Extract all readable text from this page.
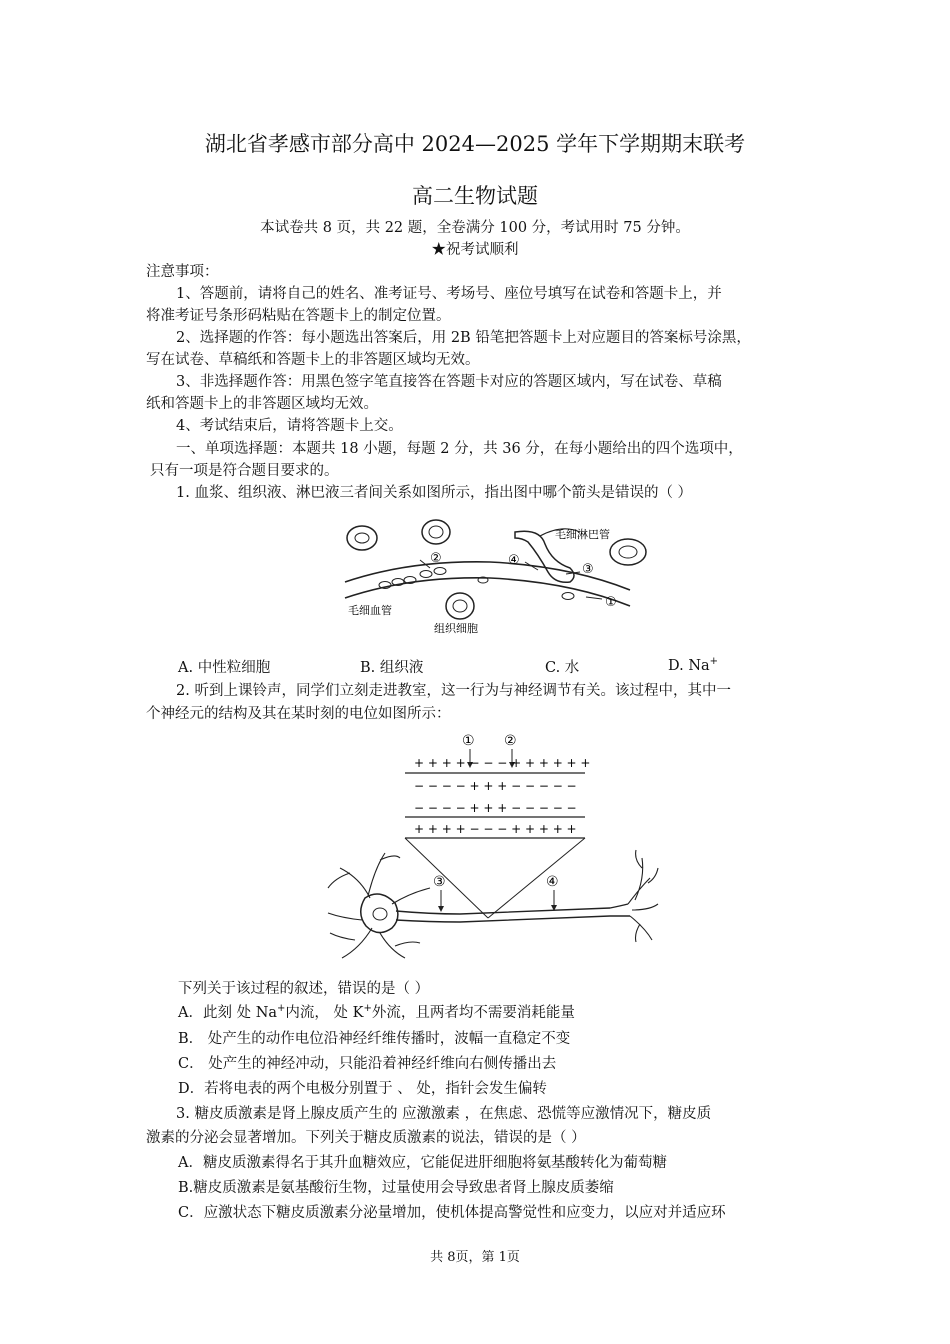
湖北省孝感市部分高中 2024—2025 学年下学期期末联考
高二生物试题
本试卷共 8 页，共 22 题，全卷满分 100 分，考试用时 75 分钟。
★祝考试顺利
注意事项：
1、答题前，请将自己的姓名、准考证号、考场号、座位号填写在试卷和答题卡上，并
将准考证号条形码粘贴在答题卡上的制定位置。
2、选择题的作答：每小题选出答案后，用 2B 铅笔把答题卡上对应题目的答案标号涂黑，
写在试卷、草稿纸和答题卡上的非答题区域均无效。
3、非选择题作答：用黑色签字笔直接答在答题卡对应的答题区域内，写在试卷、草稿
纸和答题卡上的非答题区域均无效。
4、考试结束后，请将答题卡上交。
一、单项选择题：本题共 18 小题，每题 2 分，共 36 分，在每小题给出的四个选项中，
只有一项是符合题目要求的。
1. 血浆、组织液、淋巴液三者间关系如图所示，指出图中哪个箭头是错误的（ ）
②	④
③
①
毛细淋巴管
毛细血管
组织细胞
A. 中性粒细胞	B. 组织液	C. 水	D. Na+
2. 听到上课铃声，同学们立刻走进教室，这一行为与神经调节有关。该过程中，其中一
个神经元的结构及其在某时刻的电位如图所示：
① ②
+ + + + − − − + + + + + +
− − − − + + + − − − − −
− − − − + + + − − − − −
+ + + + − − − + + + + +
③	④
下列关于该过程的叙述，错误的是（ ）
A．此刻 处 Na+内流， 处 K+外流，且两者均不需要消耗能量
B． 处产生的动作电位沿神经纤维传播时，波幅一直稳定不变
C． 处产生的神经冲动，只能沿着神经纤维向右侧传播出去
D．若将电表的两个电极分别置于 、 处，指针会发生偏转
3. 糖皮质激素是肾上腺皮质产生的 应激激素 ，在焦虑、恐慌等应激情况下，糖皮质
激素的分泌会显著增加。下列关于糖皮质激素的说法，错误的是（ ）
A．糖皮质激素得名于其升血糖效应，它能促进肝细胞将氨基酸转化为葡萄糖
B.糖皮质激素是氨基酸衍生物，过量使用会导致患者肾上腺皮质萎缩
C．应激状态下糖皮质激素分泌量增加，使机体提高警觉性和应变力，以应对并适应环
共 8页，第 1页
